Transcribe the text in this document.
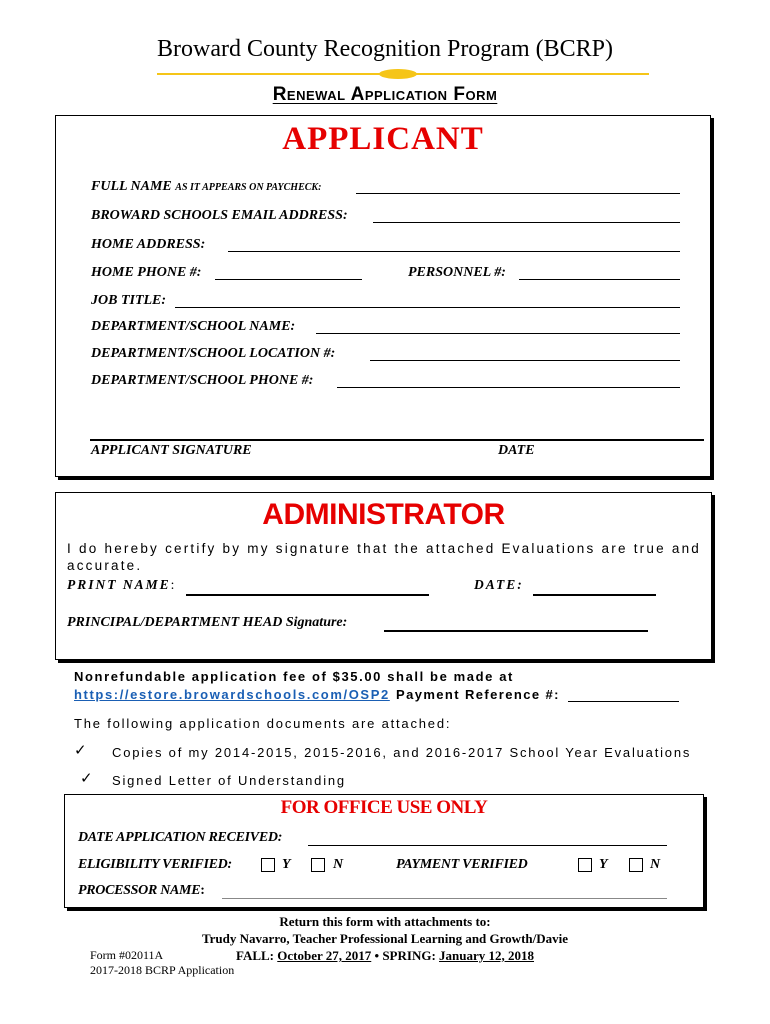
Broward County Recognition Program (BCRP)
Renewal Application Form
APPLICANT
FULL NAME AS IT APPEARS ON PAYCHECK:
BROWARD SCHOOLS EMAIL ADDRESS:
HOME ADDRESS:
HOME PHONE #:	PERSONNEL #:
JOB TITLE:
DEPARTMENT/SCHOOL NAME:
DEPARTMENT/SCHOOL LOCATION #:
DEPARTMENT/SCHOOL PHONE #:
APPLICANT SIGNATURE	DATE
ADMINISTRATOR
I do hereby certify by my signature that the attached Evaluations are true and accurate.
PRINT NAME:	DATE:
PRINCIPAL/DEPARTMENT HEAD Signature:
Nonrefundable application fee of $35.00 shall be made at
https://estore.browardschools.com/OSP2 Payment Reference #:
The following application documents are attached:
✓ Copies of my 2014-2015, 2015-2016, and 2016-2017 School Year Evaluations
✓ Signed Letter of Understanding
FOR OFFICE USE ONLY
DATE APPLICATION RECEIVED:
ELIGIBILITY VERIFIED:	Y	N	PAYMENT VERIFIED	Y	N
PROCESSOR NAME:
Return this form with attachments to:
Trudy Navarro, Teacher Professional Learning and Growth/Davie
FALL: October 27, 2017 • SPRING: January 12, 2018
Form #02011A
2017-2018 BCRP Application
